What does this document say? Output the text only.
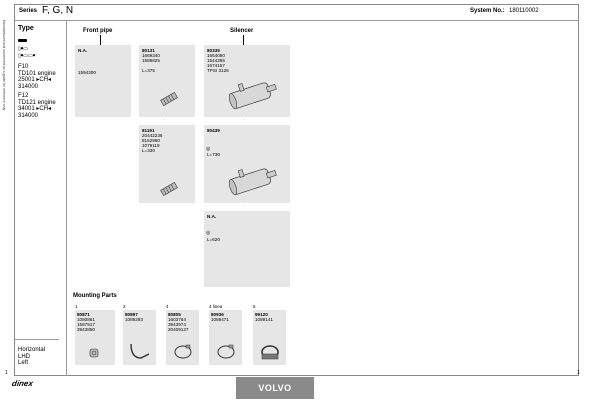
Series F, G, N	System No.: 180110002
Manufactured and numbered as a guide for reference only Type
▯⦁▭
▯⦁▭▭⦁
F10
TD101 engine
25001 ▸CH◂
314000
F12
TD121 engine
34001 ▸CH◂
314000
Horizontal
LHD
Left
Front pipe	Silencer
N.A.
1594300
80131
1669340
1589825
L=375
·

81191
20442236
8152960
1079119
L=330
80339
1664090
1544355
1674157
TPSI 3126
·

80439
◎
L=730
·

N.A.
◎
L=620
Mounting Parts
1
80871
1080861
1587517
3943850
2
80897
1089293
4
80805
1603764
3943974
20409127
4 linea
80936
1089471
5
99120
1089141
dinex	VOLVO
1	1
